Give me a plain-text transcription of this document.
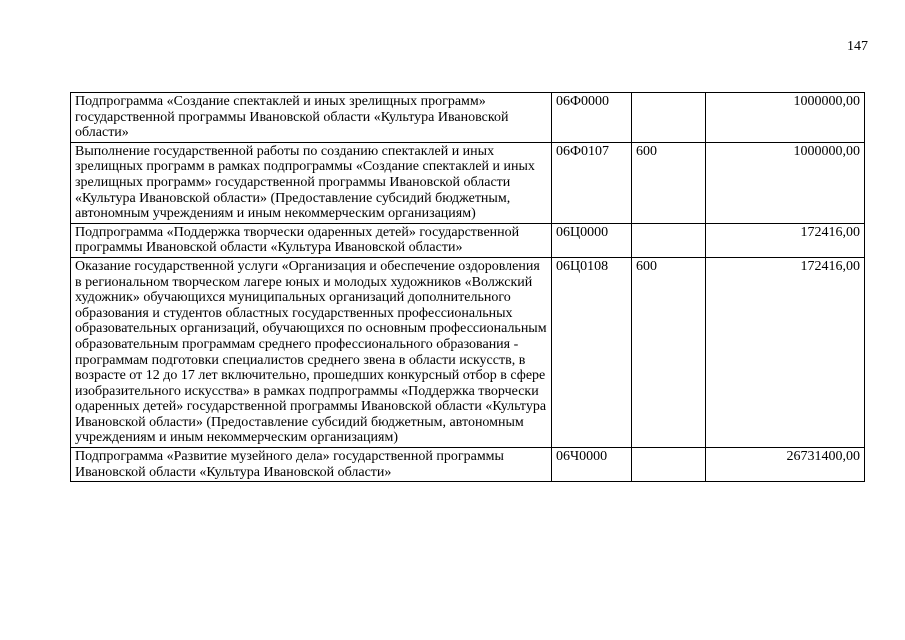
147
Подпрограмма «Создание спектаклей и иных зрелищных программ» государственной программы Ивановской области «Культура Ивановской области»	06Ф0000		1000000,00
Выполнение государственной работы по созданию спектаклей и иных зрелищных программ в рамках подпрограммы «Создание спектаклей и иных зрелищных программ» государственной программы Ивановской области «Культура Ивановской области» (Предоставление субсидий бюджетным, автономным учреждениям и иным некоммерческим организациям)	06Ф0107	600	1000000,00
Подпрограмма «Поддержка творчески одаренных детей» государственной программы Ивановской области «Культура Ивановской области»	06Ц0000		172416,00
Оказание государственной услуги «Организация и обеспечение оздоровления в региональном творческом лагере юных и молодых художников «Волжский художник» обучающихся муниципальных организаций дополнительного образования и студентов областных государственных профессиональных образовательных организаций, обучающихся по основным профессиональным образовательным программам среднего профессионального образования - программам подготовки специалистов среднего звена в области искусств, в возрасте от 12 до 17 лет включительно, прошедших конкурсный отбор в сфере изобразительного искусства» в рамках подпрограммы «Поддержка творчески одаренных детей» государственной программы Ивановской области «Культура Ивановской области» (Предоставление субсидий бюджетным, автономным учреждениям и иным некоммерческим организациям)	06Ц0108	600	172416,00
Подпрограмма «Развитие музейного дела» государственной программы Ивановской области «Культура Ивановской области»	06Ч0000		26731400,00
